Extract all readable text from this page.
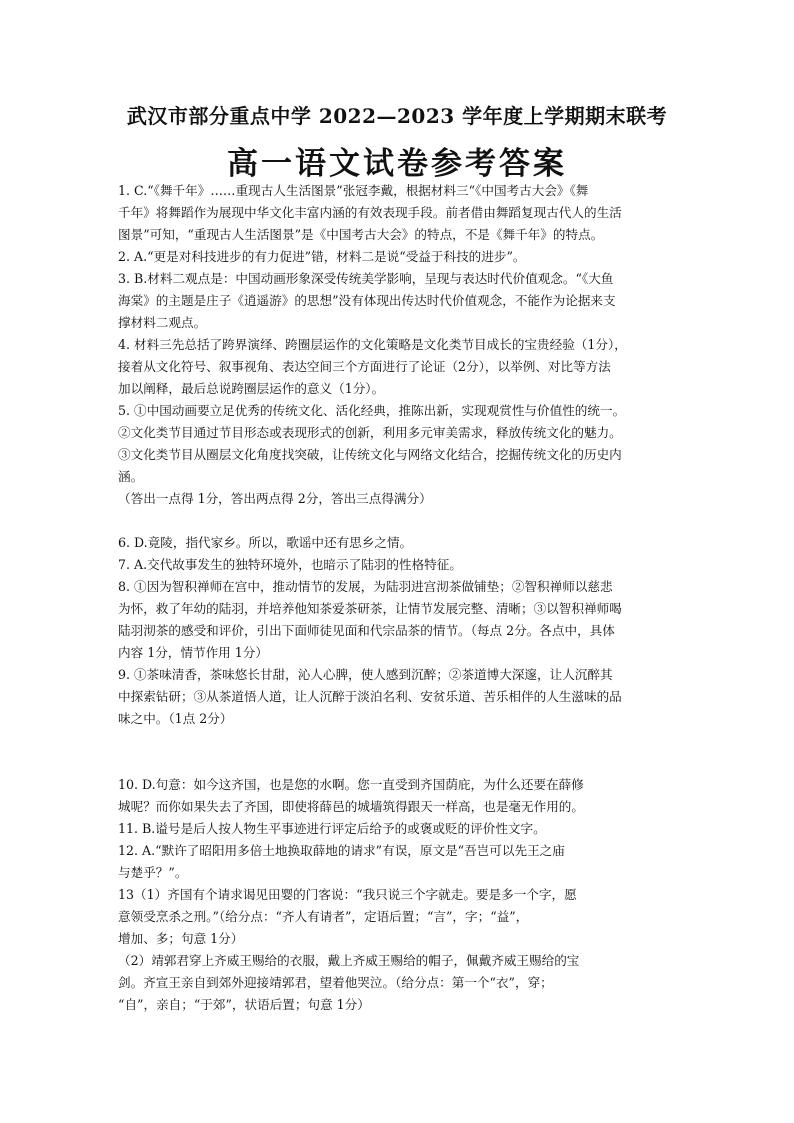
武汉市部分重点中学 2022—2023 学年度上学期期末联考
高一语文试卷参考答案
1. C.“《舞千年》……重现古人生活图景”张冠李戴，根据材料三“《中国考古大会》《舞
千年》将舞蹈作为展现中华文化丰富内涵的有效表现手段。前者借由舞蹈复现古代人的生活
图景”可知，“重现古人生活图景”是《中国考古大会》的特点，不是《舞千年》的特点。
2. A.“更是对科技进步的有力促进”错，材料二是说“受益于科技的进步”。
3. B.材料二观点是：中国动画形象深受传统美学影响，呈现与表达时代价值观念。“《大鱼
海棠》的主题是庄子《逍遥游》的思想”没有体现出传达时代价值观念，不能作为论据来支
撑材料二观点。
4. 材料三先总括了跨界演绎、跨圈层运作的文化策略是文化类节目成长的宝贵经验（1分），
接着从文化符号、叙事视角、表达空间三个方面进行了论证（2分），以举例、对比等方法
加以阐释，最后总说跨圈层运作的意义（1分）。
5. ①中国动画要立足优秀的传统文化、活化经典，推陈出新，实现观赏性与价值性的统一。
②文化类节目通过节目形态或表现形式的创新，利用多元审美需求，释放传统文化的魅力。
③文化类节目从圈层文化角度找突破，让传统文化与网络文化结合，挖掘传统文化的历史内
涵。
（答出一点得 1分，答出两点得 2分，答出三点得满分）
6. D.竟陵，指代家乡。所以，歌谣中还有思乡之情。
7. A.交代故事发生的独特环境外，也暗示了陆羽的性格特征。
8. ①因为智积禅师在宫中，推动情节的发展，为陆羽进宫沏茶做铺垫；②智积禅师以慈悲
为怀，救了年幼的陆羽，并培养他知茶爱茶研茶，让情节发展完整、清晰；③以智积禅师喝
陆羽沏茶的感受和评价，引出下面师徒见面和代宗品茶的情节。（每点 2分。各点中，具体
内容 1分，情节作用 1分）
9. ①茶味清香，茶味悠长甘甜，沁人心脾，使人感到沉醉；②茶道博大深邃，让人沉醉其
中探索钻研；③从茶道悟人道，让人沉醉于淡泊名利、安贫乐道、苦乐相伴的人生滋味的品
味之中。（1点 2分）
10. D.句意：如今这齐国，也是您的水啊。您一直受到齐国荫庇，为什么还要在薛修
城呢？而你如果失去了齐国，即使将薛邑的城墙筑得跟天一样高，也是毫无作用的。
11. B.谥号是后人按人物生平事迹进行评定后给予的或褒或贬的评价性文字。
12. A.“默许了昭阳用多倍土地换取薛地的请求”有误，原文是“吾岂可以先王之庙
与楚乎？”。
13（1）齐国有个请求谒见田婴的门客说：“我只说三个字就走。要是多一个字，愿
意领受烹杀之刑。”（给分点：“齐人有请者”，定语后置；“言”，字；“益”，
增加、多；句意 1分）
（2）靖郭君穿上齐威王赐给的衣服，戴上齐威王赐给的帽子，佩戴齐威王赐给的宝
剑。齐宣王亲自到郊外迎接靖郭君，望着他哭泣。（给分点：第一个“衣”，穿；
“自”，亲自；“于郊”，状语后置；句意 1分）
